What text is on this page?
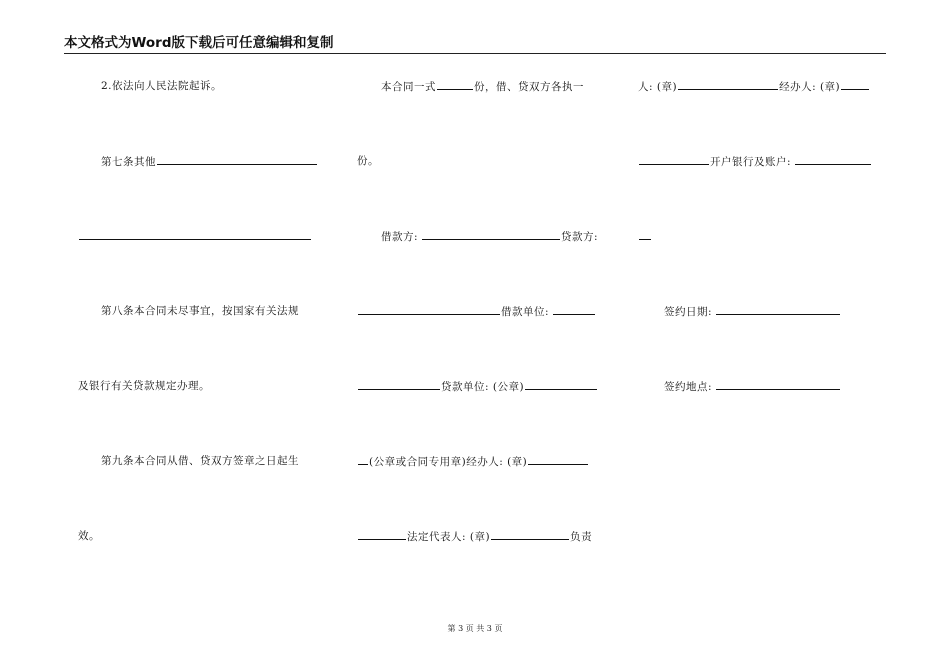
本文格式为Word版下载后可任意编辑和复制
2.依法向人民法院起诉。
第七条其他
第八条本合同未尽事宜，按国家有关法规
及银行有关贷款规定办理。
第九条本合同从借、贷双方签章之日起生
效。
本合同一式	份，借、贷双方各执一
份。
借款方:	贷款方:
借款单位:
贷款单位: (公章)
(公章或合同专用章)经办人: (章)
法定代表人: (章)	负责
人: (章)	经办人: (章)
开户银行及账户:
签约日期:
签约地点:
第 3 页 共 3 页
